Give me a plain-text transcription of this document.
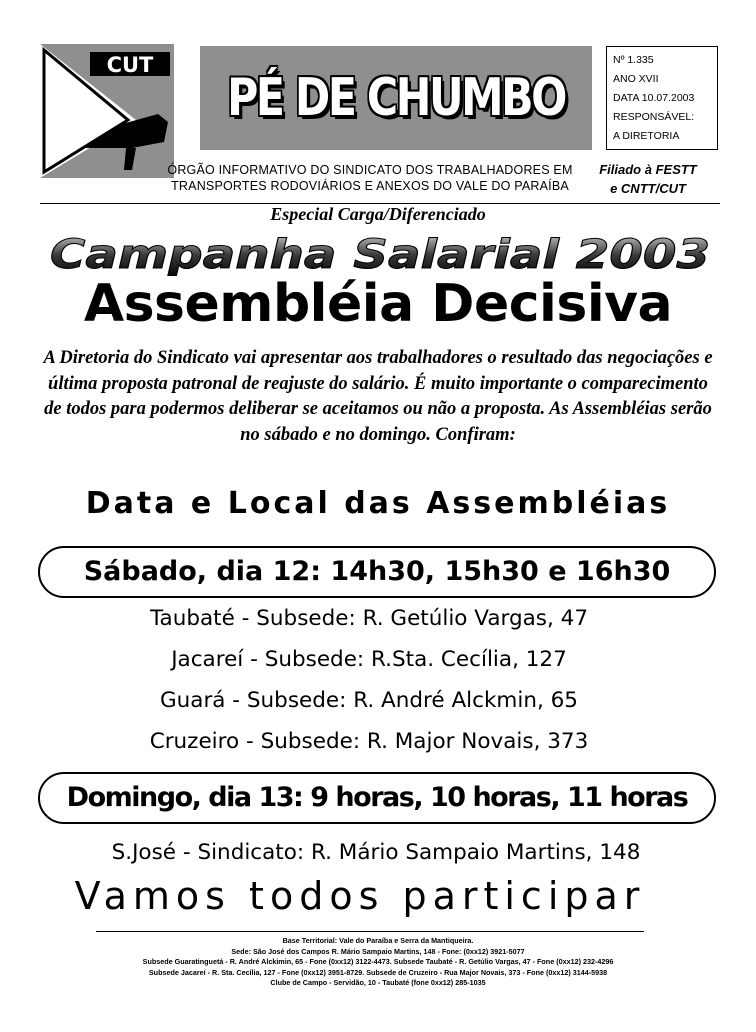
CUT
PÉ DE CHUMBO
Nº 1.335
ANO XVII
DATA 10.07.2003
RESPONSÁVEL:
A DIRETORIA
ÓRGÃO INFORMATIVO DO SINDICATO DOS TRABALHADORES EM
TRANSPORTES RODOVIÁRIOS E ANEXOS DO VALE DO PARAÍBA
Filiado à FESTT
e CNTT/CUT
Especial Carga/Diferenciado
Campanha Salarial 2003
Assembléia Decisiva
A Diretoria do Sindicato vai apresentar aos trabalhadores o resultado das negociações e última proposta patronal de reajuste do salário. É muito importante o comparecimento de todos para podermos deliberar se aceitamos ou não a proposta. As Assembléias serão no sábado e no domingo. Confiram:
Data e Local das Assembléias
Sábado, dia 12: 14h30, 15h30 e 16h30
Taubaté - Subsede: R. Getúlio Vargas, 47
Jacareí - Subsede: R.Sta. Cecília, 127
Guará - Subsede: R. André Alckmin, 65
Cruzeiro - Subsede: R. Major Novais, 373
Domingo, dia 13: 9 horas, 10 horas, 11 horas
S.José - Sindicato: R. Mário Sampaio Martins, 148
Vamos todos participar
Base Territorial: Vale do Paraíba e Serra da Mantiqueira.
Sede: São José dos Campos R. Mário Sampaio Martins, 148 - Fone: (0xx12) 3921-5077
Subsede Guaratinguetá - R. André Alckimin, 65 - Fone (0xx12) 3122-4473. Subsede Taubaté - R. Getúlio Vargas, 47 - Fone (0xx12) 232-4296
Subsede Jacareí - R. Sta. Cecília, 127 - Fone (0xx12) 3951-8729. Subsede de Cruzeiro - Rua Major Novais, 373 - Fone (0xx12) 3144-5938
Clube de Campo - Servidão, 10 - Taubaté (fone 0xx12) 285-1035
